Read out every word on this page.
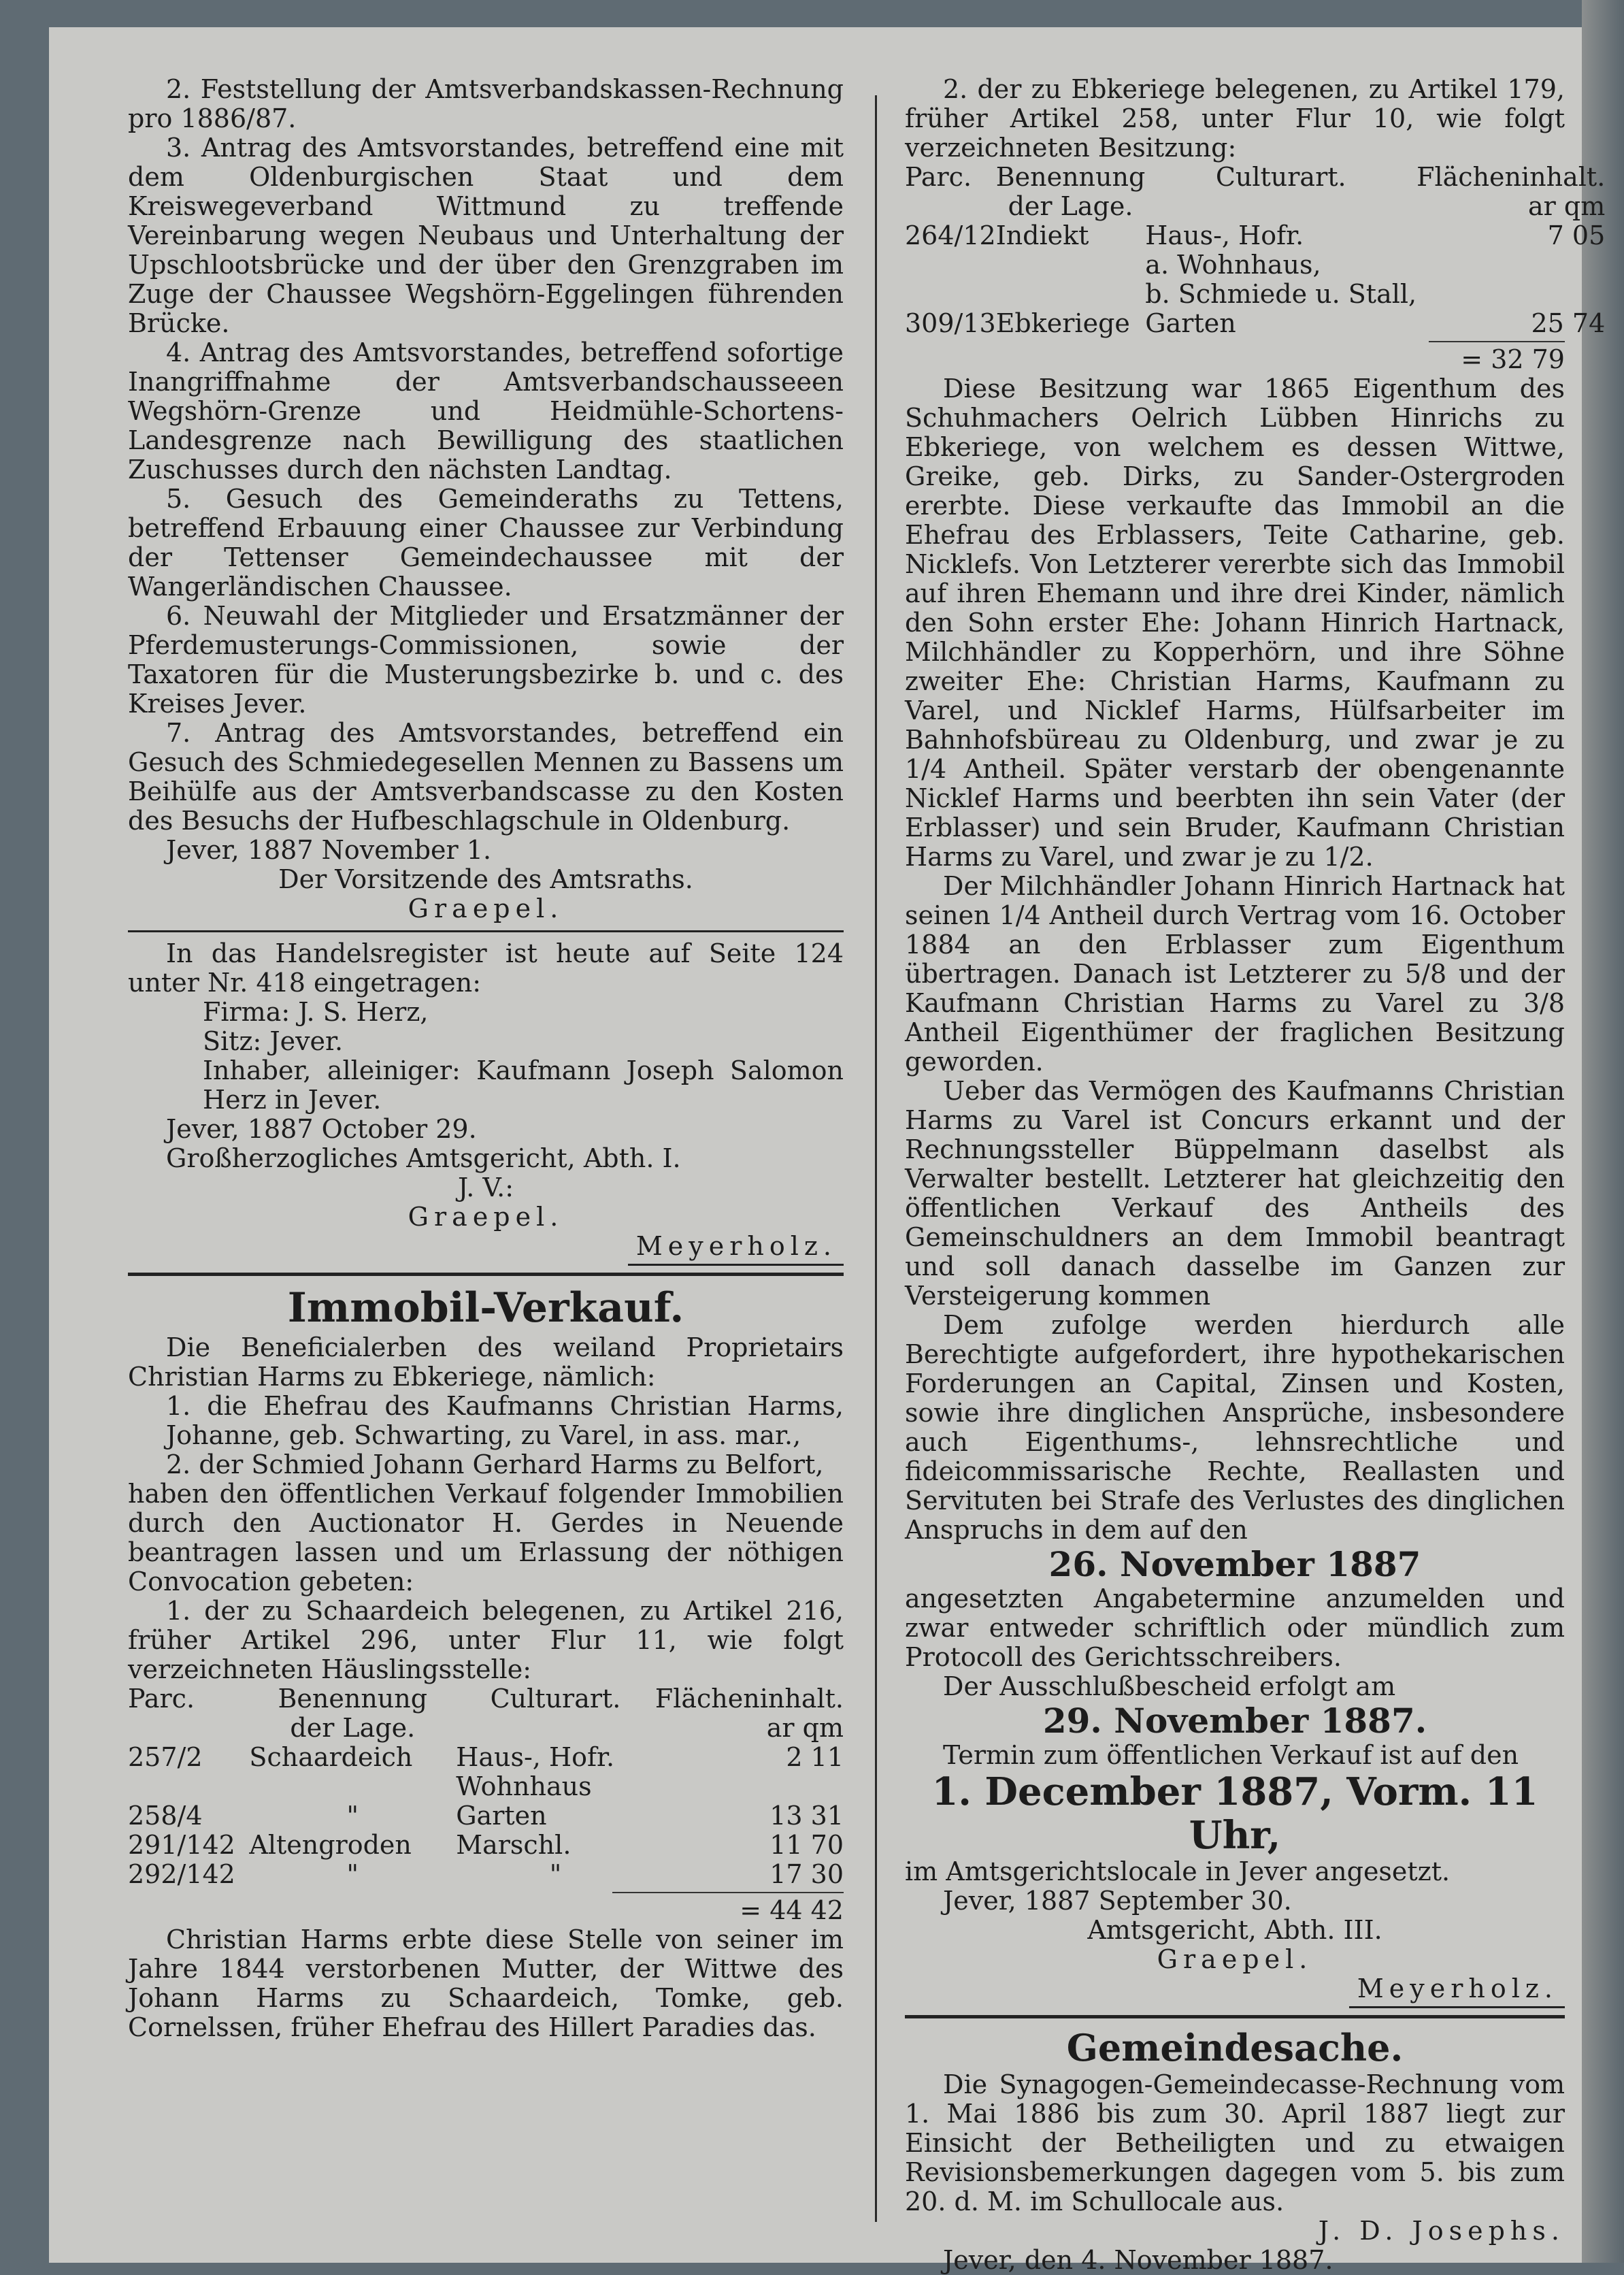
2. Feststellung der Amtsverbandskassen-Rechnung pro 1886/87.

3. Antrag des Amtsvorstandes, betreffend eine mit dem Oldenburgischen Staat und dem Kreiswegeverband Wittmund zu treffende Vereinbarung wegen Neubaus und Unterhaltung der Upschlootsbrücke und der über den Grenzgraben im Zuge der Chaussee Wegshörn-Eggelingen führenden Brücke.

4. Antrag des Amtsvorstandes, betreffend sofortige Inangriffnahme der Amtsverbandschausseeen Wegshörn-Grenze und Heidmühle-Schortens-Landesgrenze nach Bewilligung des staatlichen Zuschusses durch den nächsten Landtag.

5. Gesuch des Gemeinderaths zu Tettens, betreffend Erbauung einer Chaussee zur Verbindung der Tettenser Gemeindechaussee mit der Wangerländischen Chaussee.

6. Neuwahl der Mitglieder und Ersatzmänner der Pferdemusterungs-Commissionen, sowie der Taxatoren für die Musterungsbezirke b. und c. des Kreises Jever.

7. Antrag des Amtsvorstandes, betreffend ein Gesuch des Schmiedegesellen Mennen zu Bassens um Beihülfe aus der Amtsverbandscasse zu den Kosten des Besuchs der Hufbeschlagschule in Oldenburg.

Jever, 1887 November 1.

Der Vorsitzende des Amtsraths.

Graepel.

In das Handelsregister ist heute auf Seite 124 unter Nr. 418 eingetragen:

Firma: J. S. Herz,

Sitz: Jever.

Inhaber, alleiniger: Kaufmann Joseph Salomon Herz in Jever.

Jever, 1887 October 29.

Großherzogliches Amtsgericht, Abth. I.

J. V.:

Graepel.

Meyerholz.
Immobil-Verkauf.

Die Beneficialerben des weiland Proprietairs Christian Harms zu Ebkeriege, nämlich:

1. die Ehefrau des Kaufmanns Christian Harms, Johanne, geb. Schwarting, zu Varel, in ass. mar.,

2. der Schmied Johann Gerhard Harms zu Belfort,

haben den öffentlichen Verkauf folgender Immobilien durch den Auctionator H. Gerdes in Neuende beantragen lassen und um Erlassung der nöthigen Convocation gebeten:

1. der zu Schaardeich belegenen, zu Artikel 216, früher Artikel 296, unter Flur 11, wie folgt verzeichneten Häuslingsstelle:

Parc.	Benennung	Culturart.	Flächeninhalt.
	der Lage.		ar qm
257/2	Schaardeich	Haus-, Hofr.	2 11
		Wohnhaus	
258/4	"	Garten	13 31
291/142	Altengroden	Marschl.	11 70
292/142	"	"	17 30

= 44 42

Christian Harms erbte diese Stelle von seiner im Jahre 1844 verstorbenen Mutter, der Wittwe des Johann Harms zu Schaardeich, Tomke, geb. Cornelssen, früher Ehefrau des Hillert Paradies das.

2. der zu Ebkeriege belegenen, zu Artikel 179, früher Artikel 258, unter Flur 10, wie folgt verzeichneten Besitzung:

Parc.	Benennung	Culturart.	Flächeninhalt.
	der Lage.		ar qm
264/12	Indiekt	Haus-, Hofr.	7 05
		a. Wohnhaus,	
		b. Schmiede u. Stall,	
309/13	Ebkeriege	Garten	25 74

= 32 79

Diese Besitzung war 1865 Eigenthum des Schuhmachers Oelrich Lübben Hinrichs zu Ebkeriege, von welchem es dessen Wittwe, Greike, geb. Dirks, zu Sander-Ostergroden ererbte. Diese verkaufte das Immobil an die Ehefrau des Erblassers, Teite Catharine, geb. Nicklefs. Von Letzterer vererbte sich das Immobil auf ihren Ehemann und ihre drei Kinder, nämlich den Sohn erster Ehe: Johann Hinrich Hartnack, Milchhändler zu Kopperhörn, und ihre Söhne zweiter Ehe: Christian Harms, Kaufmann zu Varel, und Nicklef Harms, Hülfsarbeiter im Bahnhofsbüreau zu Oldenburg, und zwar je zu 1/4 Antheil. Später verstarb der obengenannte Nicklef Harms und beerbten ihn sein Vater (der Erblasser) und sein Bruder, Kaufmann Christian Harms zu Varel, und zwar je zu 1/2.

Der Milchhändler Johann Hinrich Hartnack hat seinen 1/4 Antheil durch Vertrag vom 16. October 1884 an den Erblasser zum Eigenthum übertragen. Danach ist Letzterer zu 5/8 und der Kaufmann Christian Harms zu Varel zu 3/8 Antheil Eigenthümer der fraglichen Besitzung geworden.

Ueber das Vermögen des Kaufmanns Christian Harms zu Varel ist Concurs erkannt und der Rechnungssteller Büppelmann daselbst als Verwalter bestellt. Letzterer hat gleichzeitig den öffentlichen Verkauf des Antheils des Gemeinschuldners an dem Immobil beantragt und soll danach dasselbe im Ganzen zur Versteigerung kommen

Dem zufolge werden hierdurch alle Berechtigte aufgefordert, ihre hypothekarischen Forderungen an Capital, Zinsen und Kosten, sowie ihre dinglichen Ansprüche, insbesondere auch Eigenthums-, lehnsrechtliche und fideicommissarische Rechte, Reallasten und Servituten bei Strafe des Verlustes des dinglichen Anspruchs in dem auf den

26. November 1887

angesetzten Angabetermine anzumelden und zwar entweder schriftlich oder mündlich zum Protocoll des Gerichtsschreibers.

Der Ausschlußbescheid erfolgt am

29. November 1887.

Termin zum öffentlichen Verkauf ist auf den

1. December 1887, Vorm. 11 Uhr,

im Amtsgerichtslocale in Jever angesetzt.

Jever, 1887 September 30.

Amtsgericht, Abth. III.

Graepel.

Meyerholz.
Gemeindesache.

Die Synagogen-Gemeindecasse-Rechnung vom 1. Mai 1886 bis zum 30. April 1887 liegt zur Einsicht der Betheiligten und zu etwaigen Revisionsbemerkungen dagegen vom 5. bis zum 20. d. M. im Schullocale aus.

J. D. Josephs.

Jever, den 4. November 1887.
